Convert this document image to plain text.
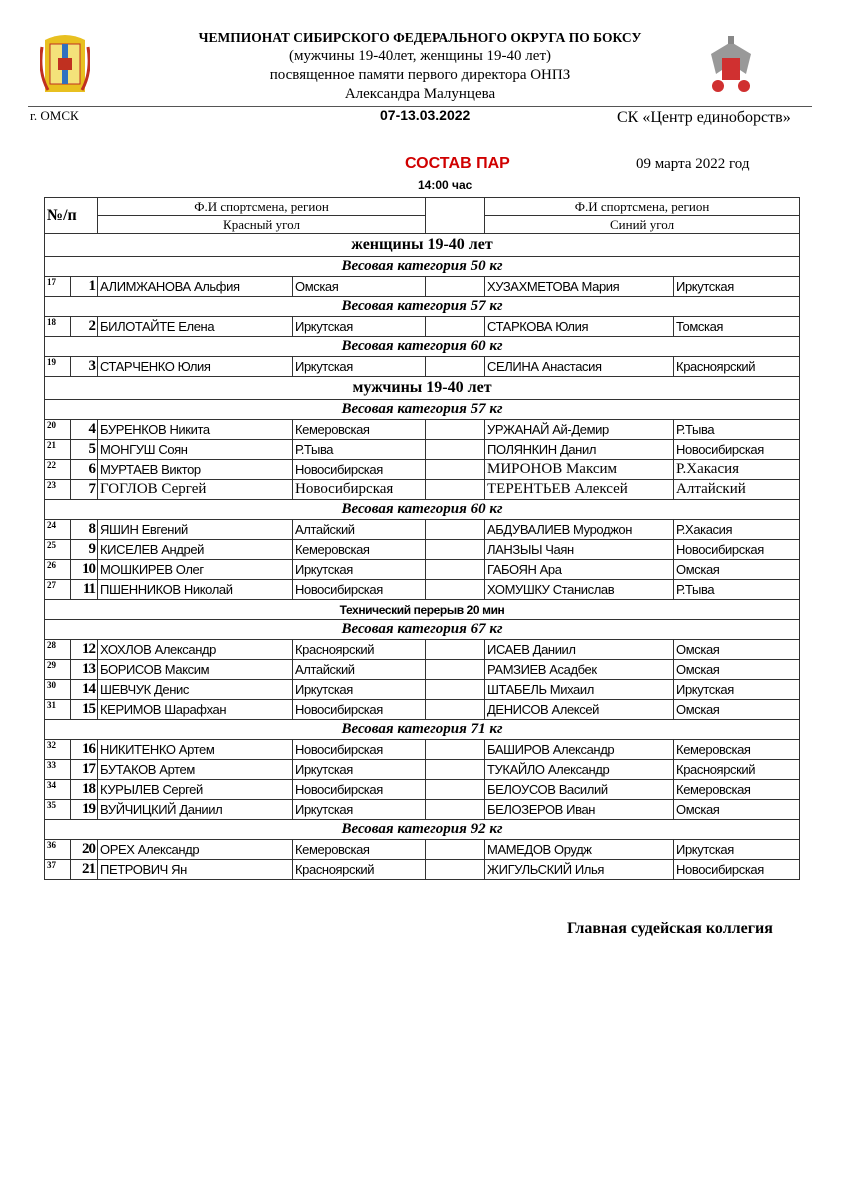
ЧЕМПИОНАТ СИБИРСКОГО ФЕДЕРАЛЬНОГО ОКРУГА ПО БОКСУ
(мужчины 19-40лет, женщины 19-40 лет)
посвященное памяти первого директора ОНПЗ
Александра Малунцева
г. ОМСК	07-13.03.2022	СК «Центр единоборств»
СОСТАВ ПАР	09 марта 2022 год
14:00 час
№/п		Ф.И спортсмена, регион			Ф.И спортсмена, регион	
		Красный угол			Синий угол	
женщины 19-40 лет						
Весовая категория 50 кг						
17	1	АЛИМЖАНОВА Альфия	Омская		ХУЗАХМЕТОВА Мария	Иркутская
Весовая категория 57 кг						
18	2	БИЛОТАЙТЕ Елена	Иркутская		СТАРКОВА Юлия	Томская
Весовая категория 60 кг						
19	3	СТАРЧЕНКО Юлия	Иркутская		СЕЛИНА Анастасия	Красноярский
мужчины 19-40 лет						
Весовая категория 57 кг						
20	4	БУРЕНКОВ Никита	Кемеровская		УРЖАНАЙ Ай-Демир	Р.Тыва
21	5	МОНГУШ Соян	Р.Тыва		ПОЛЯНКИН Данил	Новосибирская
22	6	МУРТАЕВ Виктор	Новосибирская		МИРОНОВ Максим	Р.Хакасия
23	7	ГОГЛОВ Сергей	Новосибирская		ТЕРЕНТЬЕВ Алексей	Алтайский
Весовая категория 60 кг						
24	8	ЯШИН Евгений	Алтайский		АБДУВАЛИЕВ Муроджон	Р.Хакасия
25	9	КИСЕЛЕВ Андрей	Кемеровская		ЛАНЗЫЫ Чаян	Новосибирская
26	10	МОШКИРЕВ Олег	Иркутская		ГАБОЯН Ара	Омская
27	11	ПШЕННИКОВ Николай	Новосибирская		ХОМУШКУ Станислав	Р.Тыва
Технический перерыв 20 мин						
Весовая категория 67 кг						
28	12	ХОХЛОВ Александр	Красноярский		ИСАЕВ Даниил	Омская
29	13	БОРИСОВ Максим	Алтайский		РАМЗИЕВ Асадбек	Омская
30	14	ШЕВЧУК Денис	Иркутская		ШТАБЕЛЬ Михаил	Иркутская
31	15	КЕРИМОВ Шарафхан	Новосибирская		ДЕНИСОВ Алексей	Омская
Весовая категория 71 кг						
32	16	НИКИТЕНКО Артем	Новосибирская		БАШИРОВ Александр	Кемеровская
33	17	БУТАКОВ Артем	Иркутская		ТУКАЙЛО Александр	Красноярский
34	18	КУРЫЛЕВ Сергей	Новосибирская		БЕЛОУСОВ Василий	Кемеровская
35	19	ВУЙЧИЦКИЙ Даниил	Иркутская		БЕЛОЗЕРОВ Иван	Омская
Весовая категория 92 кг						
36	20	ОРЕХ Александр	Кемеровская		МАМЕДОВ Орудж	Иркутская
37	21	ПЕТРОВИЧ Ян	Красноярский		ЖИГУЛЬСКИЙ Илья	Новосибирская
Главная судейская коллегия
